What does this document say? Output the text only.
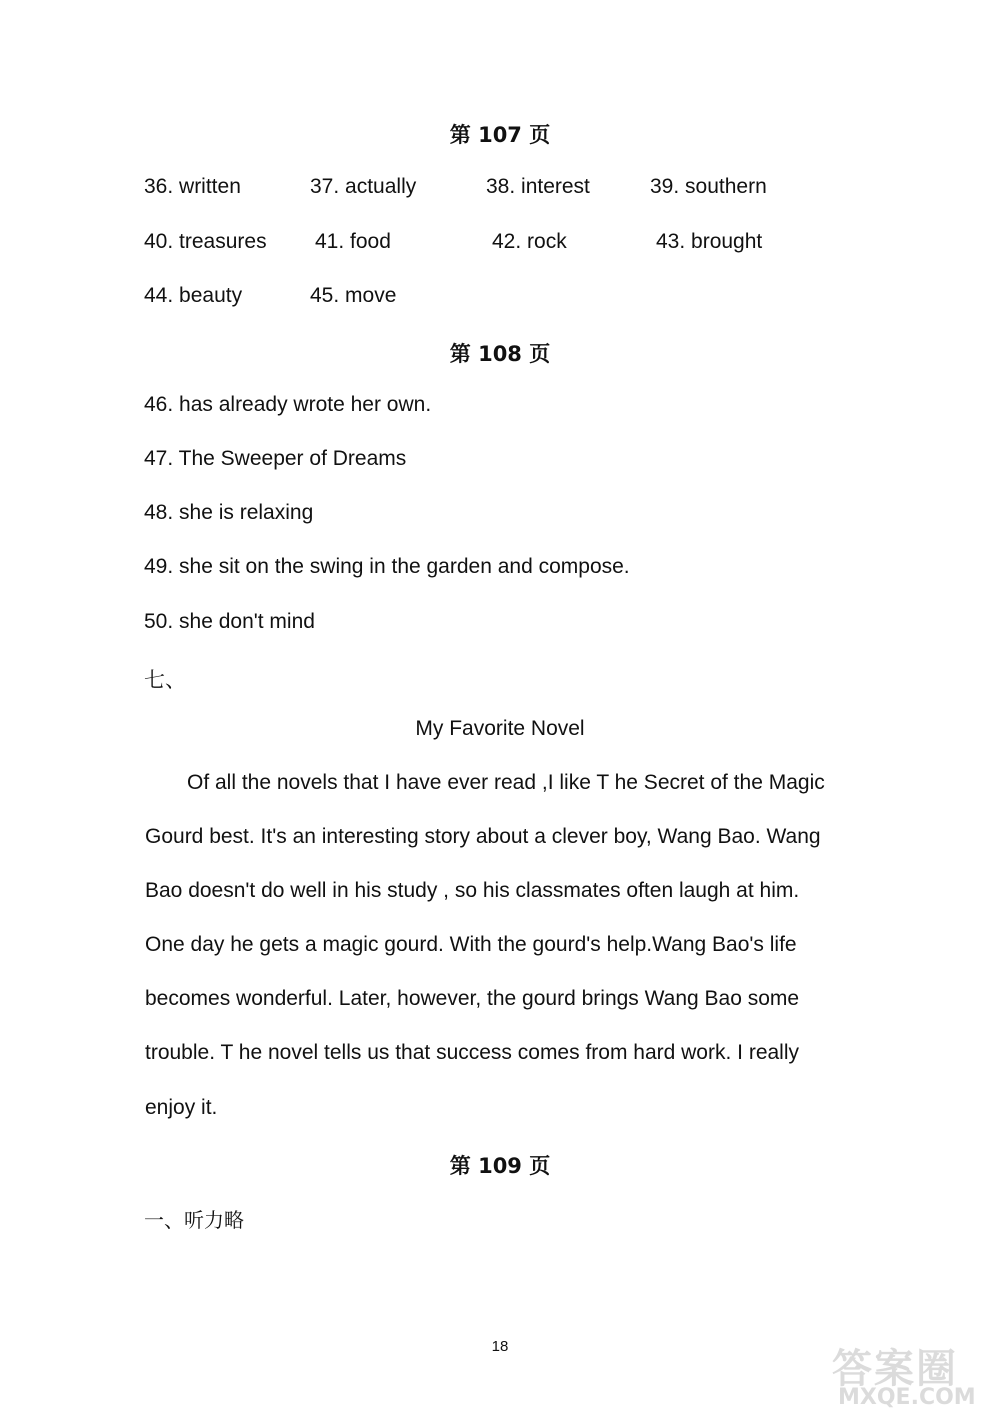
第 107 页
36. written	37. actually	38. interest	39. southern
40. treasures 41. food	42. rock	43. brought
44. beauty	45. move
第 108 页
46. has already wrote her own.
47. The Sweeper of Dreams
48. she is relaxing
49. she sit on the swing in the garden and compose.
50. she don't mind
七、
My Favorite Novel
Of all the novels that I have ever read ,I like T he Secret of the Magic
Gourd best. It's an interesting story about a clever boy, Wang Bao. Wang
Bao doesn't do well in his study , so his classmates often laugh at him.
One day he gets a magic gourd. With the gourd's help.Wang Bao's life
becomes wonderful. Later, however, the gourd brings Wang Bao some
trouble. T he novel tells us that success comes from hard work. I really
enjoy it.
第 109 页
一、听力略
18	答案圈
MXQE.COM
